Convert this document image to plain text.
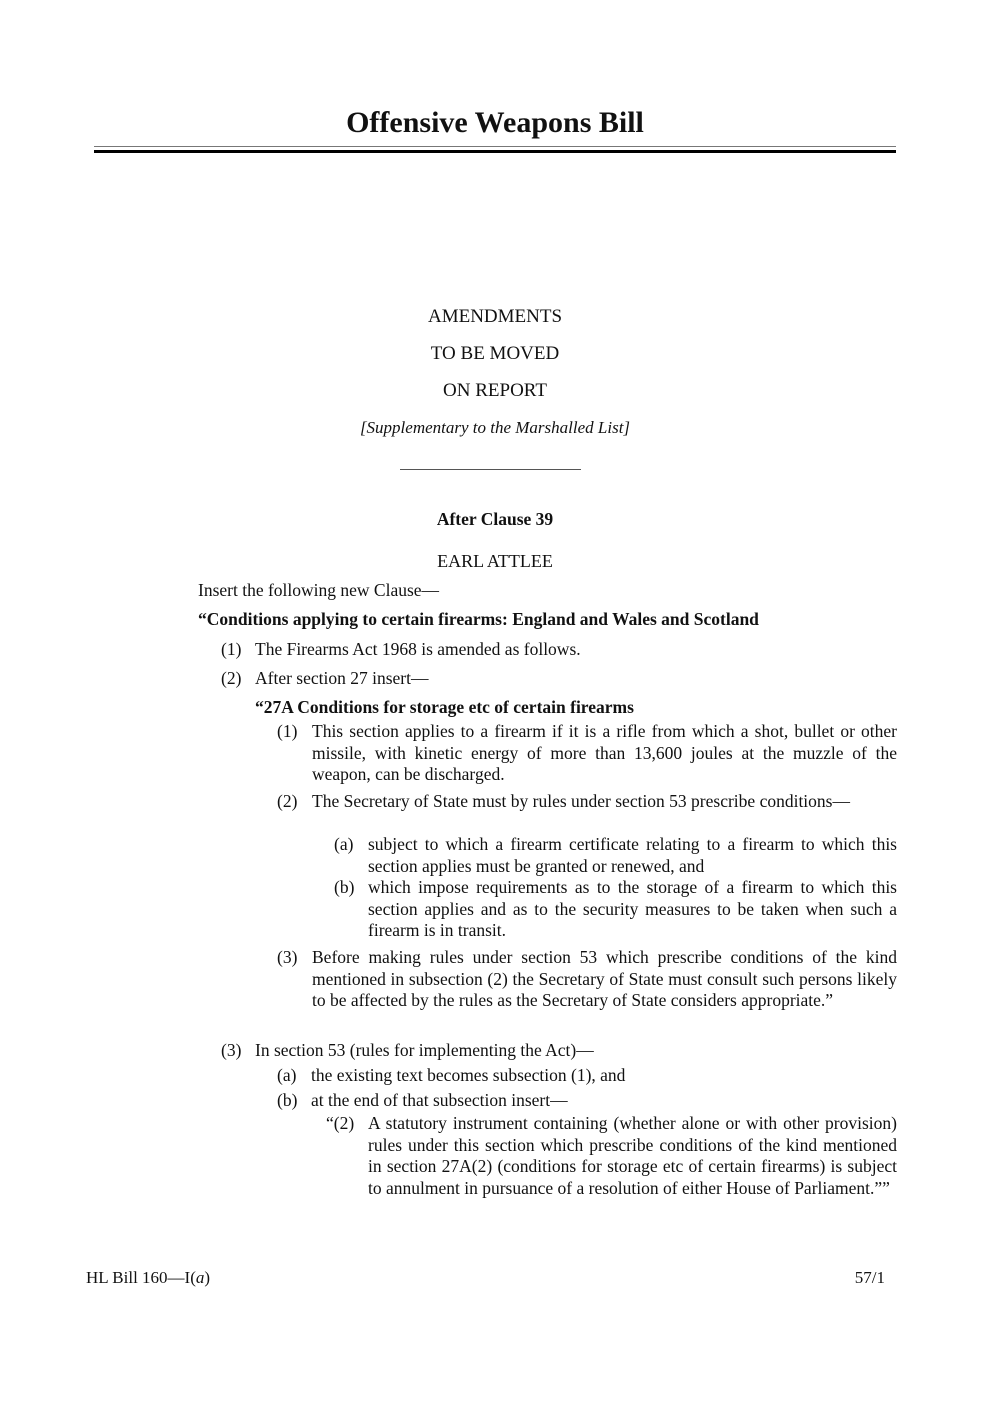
Offensive Weapons Bill
AMENDMENTS
TO BE MOVED
ON REPORT
[Supplementary to the Marshalled List]
After Clause 39
EARL ATTLEE
Insert the following new Clause—
“Conditions applying to certain firearms: England and Wales and Scotland
(1) The Firearms Act 1968 is amended as follows.
(2) After section 27 insert—
“27A Conditions for storage etc of certain firearms
(1) This section applies to a firearm if it is a rifle from which a shot, bullet or other missile, with kinetic energy of more than 13,600 joules at the muzzle of the weapon, can be discharged.
(2) The Secretary of State must by rules under section 53 prescribe conditions—
(a) subject to which a firearm certificate relating to a firearm to which this section applies must be granted or renewed, and
(b) which impose requirements as to the storage of a firearm to which this section applies and as to the security measures to be taken when such a firearm is in transit.
(3) Before making rules under section 53 which prescribe conditions of the kind mentioned in subsection (2) the Secretary of State must consult such persons likely to be affected by the rules as the Secretary of State considers appropriate.”
(3) In section 53 (rules for implementing the Act)—
(a) the existing text becomes subsection (1), and
(b) at the end of that subsection insert—
“(2) A statutory instrument containing (whether alone or with other provision) rules under this section which prescribe conditions of the kind mentioned in section 27A(2) (conditions for storage etc of certain firearms) is subject to annulment in pursuance of a resolution of either House of Parliament.””
HL Bill 160—I(a)	57/1
